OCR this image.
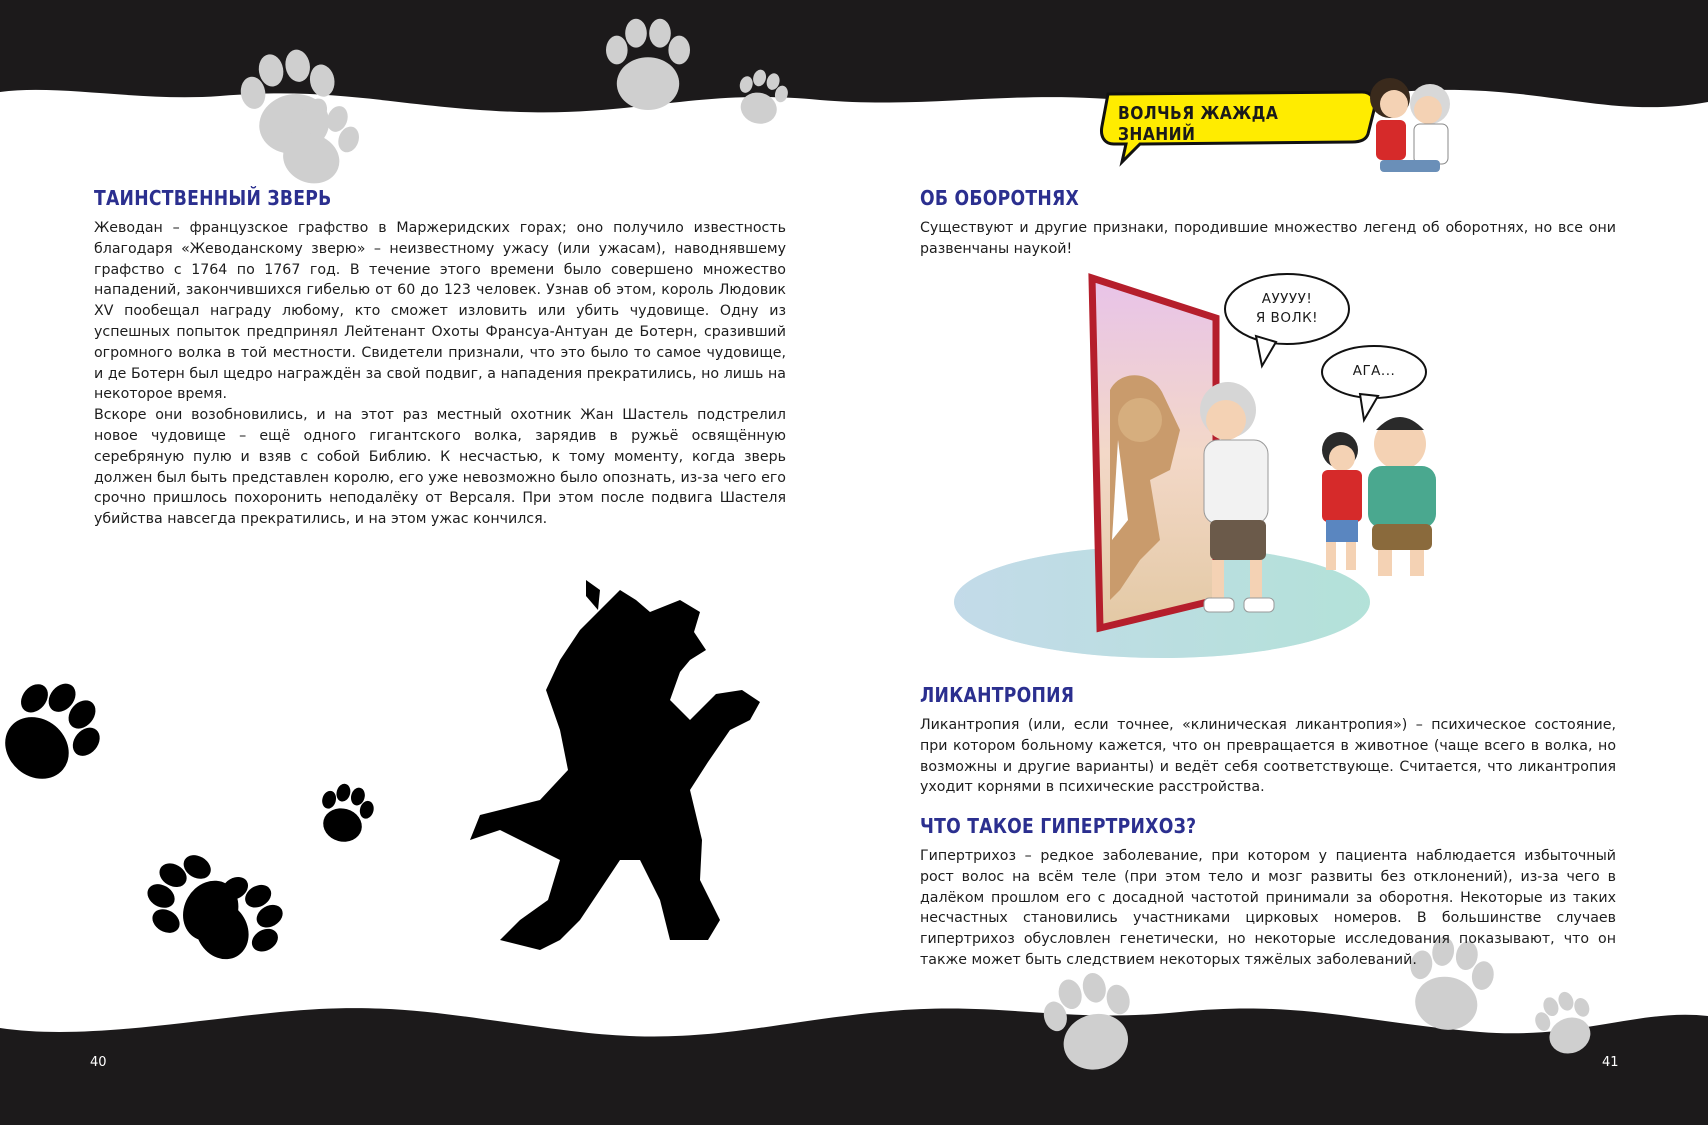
ВОЛЧЬЯ ЖАЖДА ЗНАНИЙ
АУУУУ!
Я ВОЛК!
АГА...
ТАИНСТВЕННЫЙ ЗВЕРЬ

Жеводан – французское графство в Маржеридских горах; оно получило известность благодаря «Жеводанскому зверю» – неизвестному ужасу (или ужасам), наводнявшему графство с 1764 по 1767 год. В течение этого времени было совершено множество нападений, закончившихся гибелью от 60 до 123 человек. Узнав об этом, король Людовик XV пообещал награду любому, кто сможет изловить или убить чудовище. Одну из успешных попыток предпринял Лейтенант Охоты Франсуа-Антуан де Ботерн, сразивший огромного волка в той местности. Свидетели признали, что это было то самое чудовище, и де Ботерн был щедро награждён за свой подвиг, а нападения прекратились, но лишь на некоторое время.

Вскоре они возобновились, и на этот раз местный охотник Жан Шастель подстрелил новое чудовище – ещё одного гигантского волка, зарядив в ружьё освящённую серебряную пулю и взяв с собой Библию. К несчастью, к тому моменту, когда зверь должен был быть представлен королю, его уже невозможно было опознать, из-за чего его срочно пришлось похоронить неподалёку от Версаля. При этом после подвига Шастеля убийства навсегда прекратились, и на этом ужас кончился.

ОБ ОБОРОТНЯХ

Существуют и другие признаки, породившие множество легенд об оборотнях, но все они развенчаны наукой!

ЛИКАНТРОПИЯ

Ликантропия (или, если точнее, «клиническая ликантропия») – психическое состояние, при котором больному кажется, что он превращается в животное (чаще всего в волка, но возможны и другие варианты) и ведёт себя соответствующе. Считается, что ликантропия уходит корнями в психические расстройства.

ЧТО ТАКОЕ ГИПЕРТРИХОЗ?

Гипертрихоз – редкое заболевание, при котором у пациента наблюдается избыточный рост волос на всём теле (при этом тело и мозг развиты без отклонений), из-за чего в далёком прошлом его с досадной частотой принимали за оборотня. Некоторые из таких несчастных становились участниками цирковых номеров. В большинстве случаев гипертрихоз обусловлен генетически, но некоторые исследования показывают, что он также может быть следствием некоторых тяжёлых заболеваний.

40	41
